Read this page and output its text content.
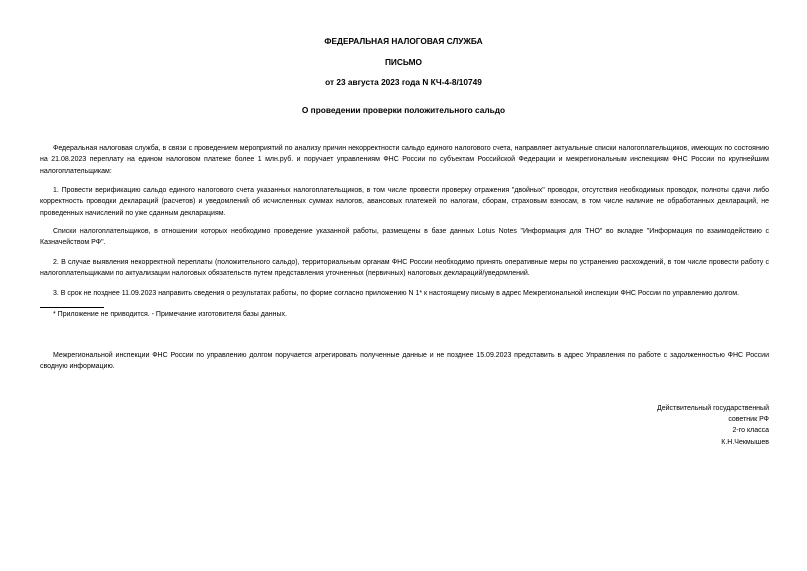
ФЕДЕРАЛЬНАЯ НАЛОГОВАЯ СЛУЖБА
ПИСЬМО
от 23 августа 2023 года N КЧ-4-8/10749
О проведении проверки положительного сальдо

Федеральная налоговая служба, в связи с проведением мероприятий по анализу причин некорректности сальдо единого налогового счета, направляет актуальные списки налогоплательщиков, имеющих по состоянию на 21.08.2023 переплату на едином налоговом платеже более 1 млн.руб. и поручает управлениям ФНС России по субъектам Российской Федерации и межрегиональным инспекциям ФНС России по крупнейшим налогоплательщикам:

1. Провести верификацию сальдо единого налогового счета указанных налогоплательщиков, в том числе провести проверку отражения "двойных" проводок, отсутствия необходимых проводок, полноты сдачи либо корректность проводки деклараций (расчетов) и уведомлений об исчисленных суммах налогов, авансовых платежей по налогам, сборам, страховым взносам, в том числе наличие не обработанных деклараций, не проведенных начислений по уже сданным декларациям.

Списки налогоплательщиков, в отношении которых необходимо проведение указанной работы, размещены в базе данных Lotus Notes "Информация для ТНО" во вкладке "Информация по взаимодействию с Казначейством РФ".

2. В случае выявления некорректной переплаты (положительного сальдо), территориальным органам ФНС России необходимо принять оперативные меры по устранению расхождений, в том числе провести работу с налогоплательщиками по актуализации налоговых обязательств путем представления уточненных (первичных) налоговых деклараций/уведомлений.

3. В срок не позднее 11.09.2023 направить сведения о результатах работы, по форме согласно приложению N 1* к настоящему письму в адрес Межрегиональной инспекции ФНС России по управлению долгом.

* Приложение не приводится. - Примечание изготовителя базы данных.

Межрегиональной инспекции ФНС России по управлению долгом поручается агрегировать полученные данные и не позднее 15.09.2023 представить в адрес Управления по работе с задолженностью ФНС России сводную информацию.

Действительный государственный
советник РФ
2-го класса
К.Н.Чекмышев
